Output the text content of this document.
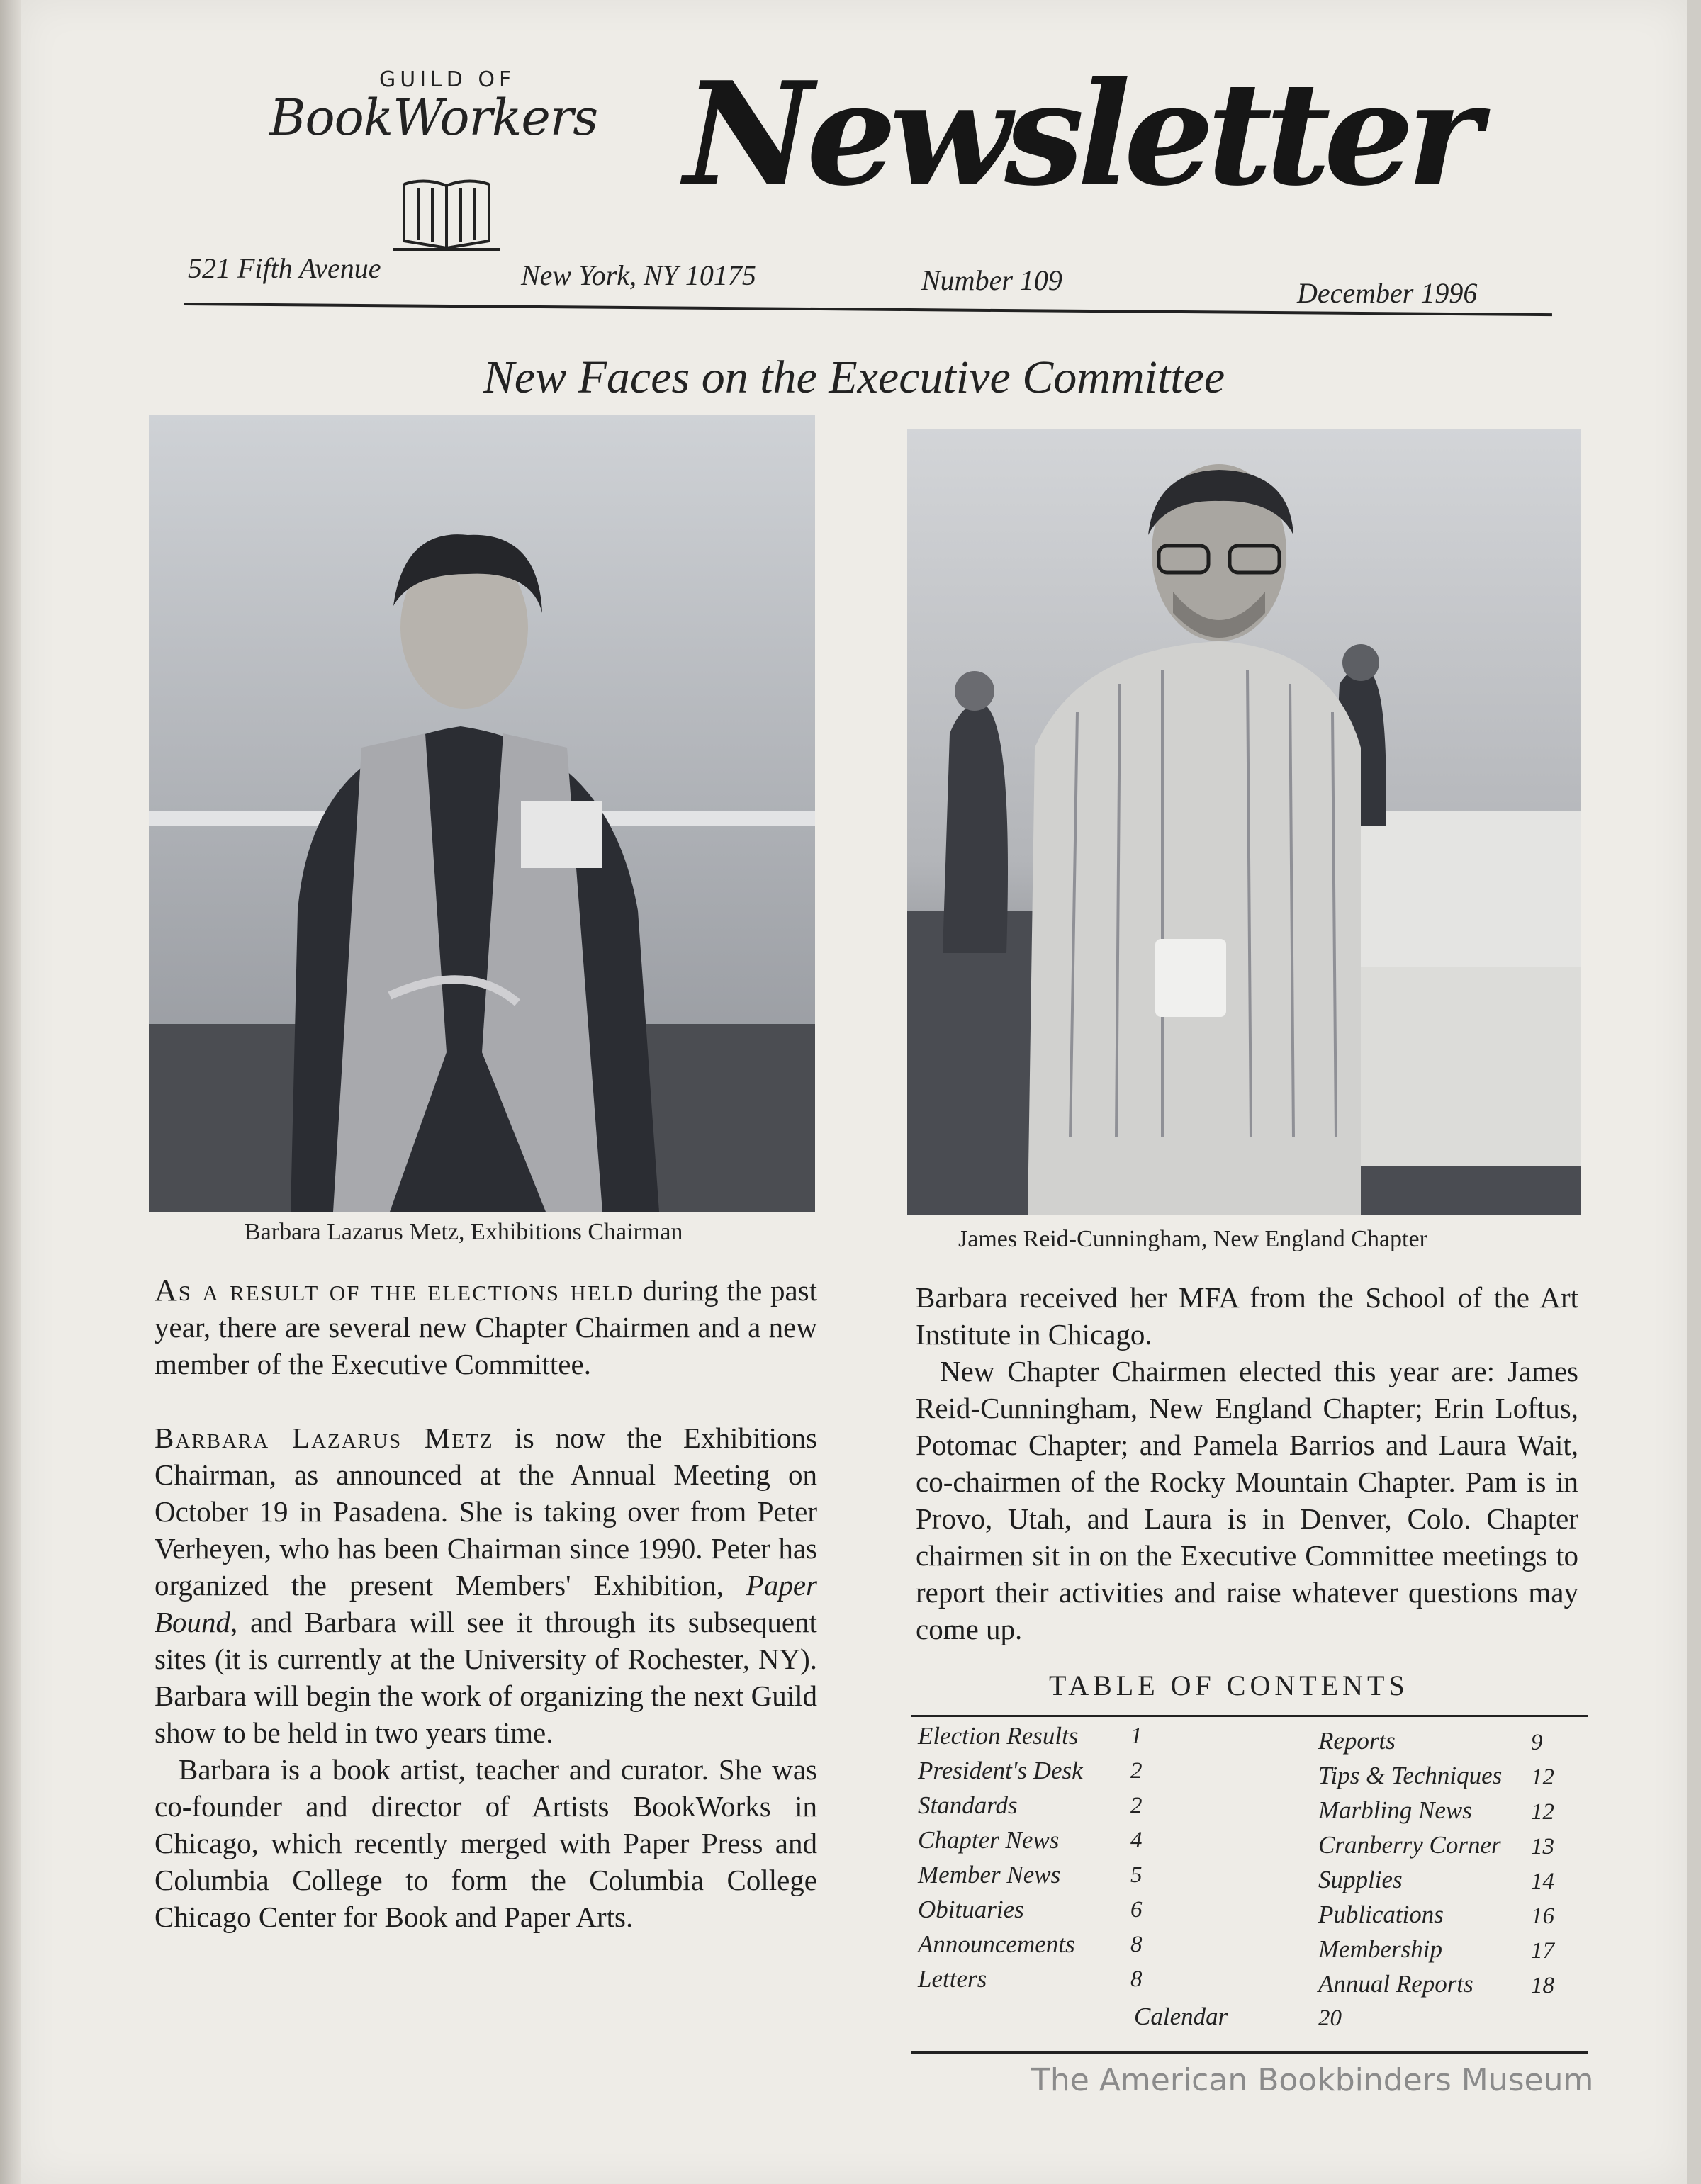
GUILD OF
BookWorkers Newsletter
521 Fifth Avenue	New York, NY 10175	Number 109	December 1996
New Faces on the Executive Committee
Barbara Lazarus Metz, Exhibitions Chairman	James Reid-Cunningham, New England Chapter

As a result of the elections held during the past year, there are several new Chapter Chairmen and a new member of the Executive Committee.

Barbara Lazarus Metz is now the Exhibitions Chairman, as announced at the Annual Meeting on October 19 in Pasadena. She is taking over from Peter Verheyen, who has been Chairman since 1990. Peter has organized the present Members' Exhibition, Paper Bound, and Barbara will see it through its subsequent sites (it is currently at the University of Rochester, NY). Barbara will begin the work of organizing the next Guild show to be held in two years time.

Barbara is a book artist, teacher and curator. She was co-founder and director of Artists BookWorks in Chicago, which recently merged with Paper Press and Columbia College to form the Columbia College Chicago Center for Book and Paper Arts.

Barbara received her MFA from the School of the Art Institute in Chicago.

New Chapter Chairmen elected this year are: James Reid-Cunningham, New England Chapter; Erin Loftus, Potomac Chapter; and Pamela Barrios and Laura Wait, co-chairmen of the Rocky Mountain Chapter. Pam is in Provo, Utah, and Laura is in Denver, Colo. Chapter chairmen sit in on the Executive Committee meetings to report their activities and raise whatever questions may come up.

TABLE OF CONTENTS
Election Results 1
President's Desk 2
Standards	2
Chapter News	4
Member News	5
Obituaries	6
Announcements 8
Letters	8
Reports	9
Tips & Techniques 12
Marbling News	12
Cranberry Corner 13
Supplies	14
Publications	16
Membership	17
Annual Reports 18
Calendar	20
The American Bookbinders Museum
